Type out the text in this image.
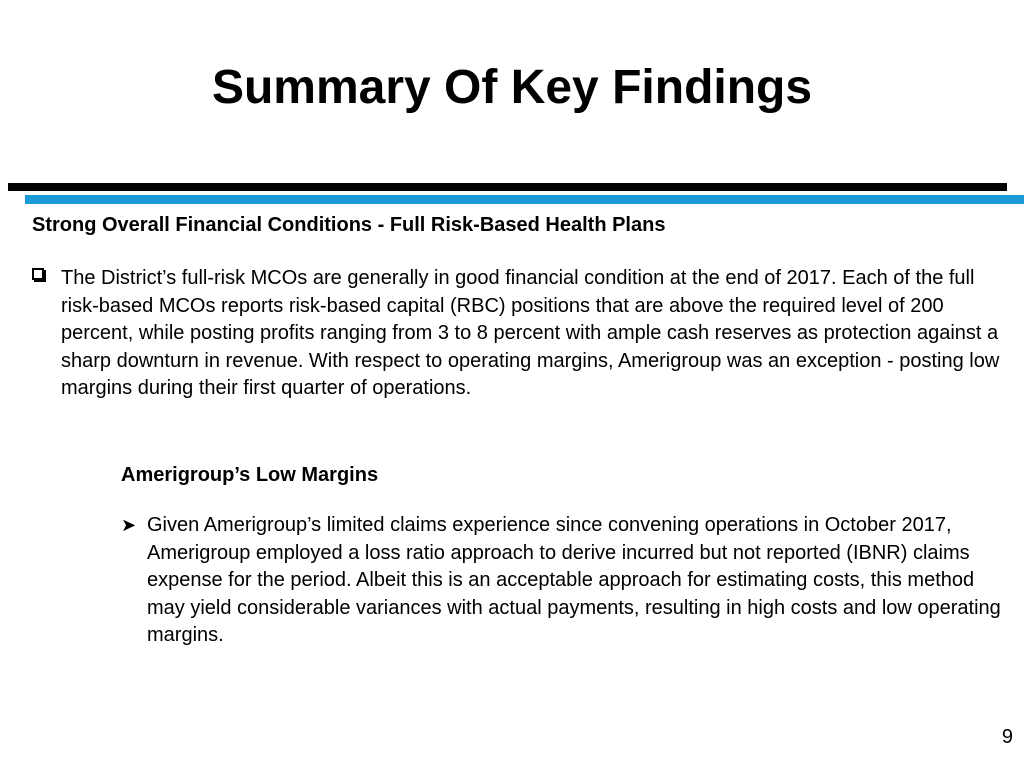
Summary Of Key Findings
Strong Overall Financial Conditions - Full Risk-Based Health Plans

The District’s full-risk MCOs are generally in good financial condition at the end of 2017. Each of the full risk-based MCOs reports risk-based capital (RBC) positions that are above the required level of 200 percent, while posting profits ranging from 3 to 8 percent with ample cash reserves as protection against a sharp downturn in revenue. With respect to operating margins, Amerigroup was an exception - posting low margins during their first quarter of operations.

Amerigroup’s Low Margins
➤ Given Amerigroup’s limited claims experience since convening operations in October 2017, Amerigroup employed a loss ratio approach to derive incurred but not reported (IBNR) claims expense for the period. Albeit this is an acceptable approach for estimating costs, this method may yield considerable variances with actual payments, resulting in high costs and low operating margins.

9
